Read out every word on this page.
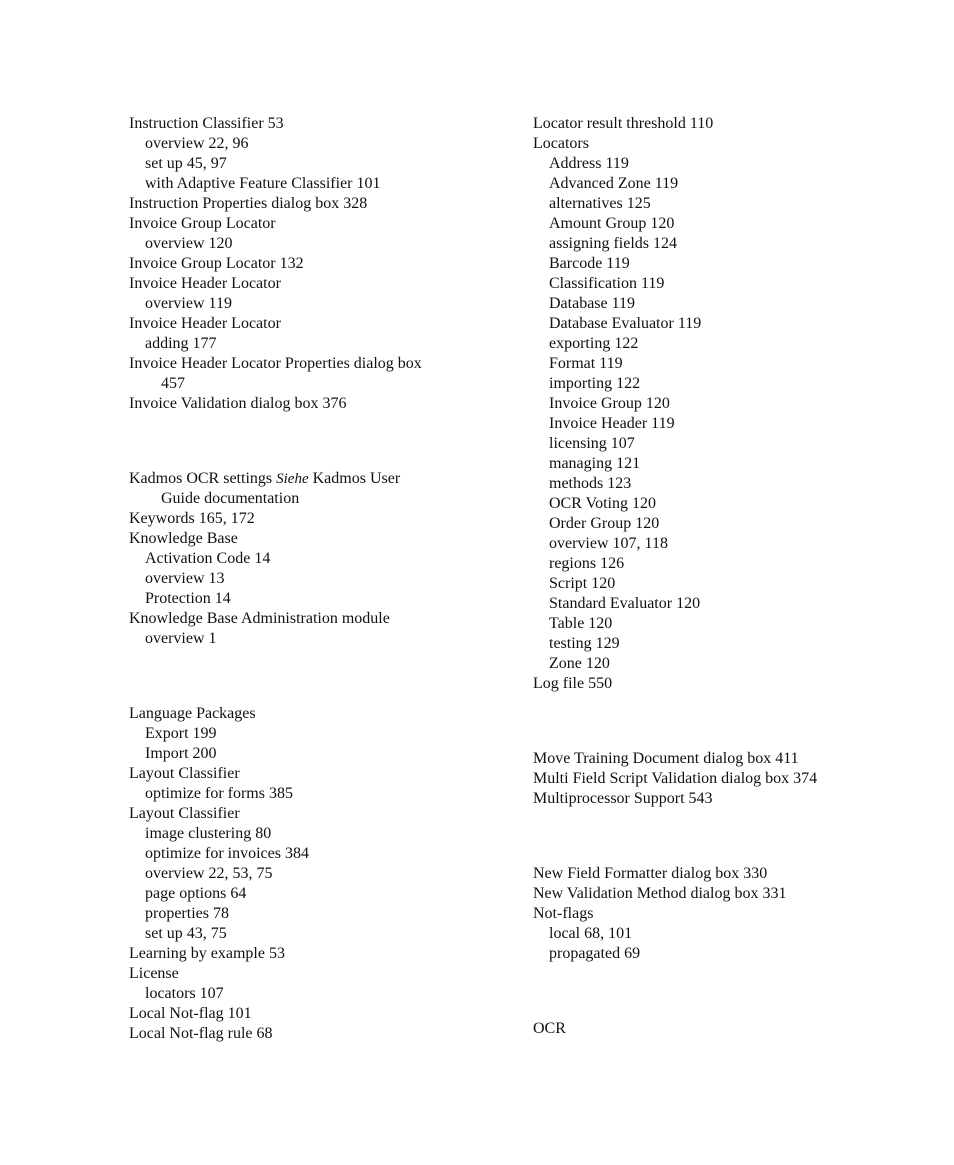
Instruction Classifier 53
overview 22, 96
set up 45, 97
with Adaptive Feature Classifier 101
Instruction Properties dialog box 328
Invoice Group Locator
overview 120
Invoice Group Locator 132
Invoice Header Locator
overview 119
Invoice Header Locator
adding 177
Invoice Header Locator Properties dialog box
457
Invoice Validation dialog box 376
Kadmos OCR settings Siehe Kadmos User
Guide documentation
Keywords 165, 172
Knowledge Base
Activation Code 14
overview 13
Protection 14
Knowledge Base Administration module
overview 1
Language Packages
Export 199
Import 200
Layout Classifier
optimize for forms 385
Layout Classifier
image clustering 80
optimize for invoices 384
overview 22, 53, 75
page options 64
properties 78
set up 43, 75
Learning by example 53
License
locators 107
Local Not-flag 101
Local Not-flag rule 68
Locator result threshold 110
Locators
Address 119
Advanced Zone 119
alternatives 125
Amount Group 120
assigning fields 124
Barcode 119
Classification 119
Database 119
Database Evaluator 119
exporting 122
Format 119
importing 122
Invoice Group 120
Invoice Header 119
licensing 107
managing 121
methods 123
OCR Voting 120
Order Group 120
overview 107, 118
regions 126
Script 120
Standard Evaluator 120
Table 120
testing 129
Zone 120
Log file 550
Move Training Document dialog box 411
Multi Field Script Validation dialog box 374
Multiprocessor Support 543
New Field Formatter dialog box 330
New Validation Method dialog box 331
Not-flags
local 68, 101
propagated 69
OCR
